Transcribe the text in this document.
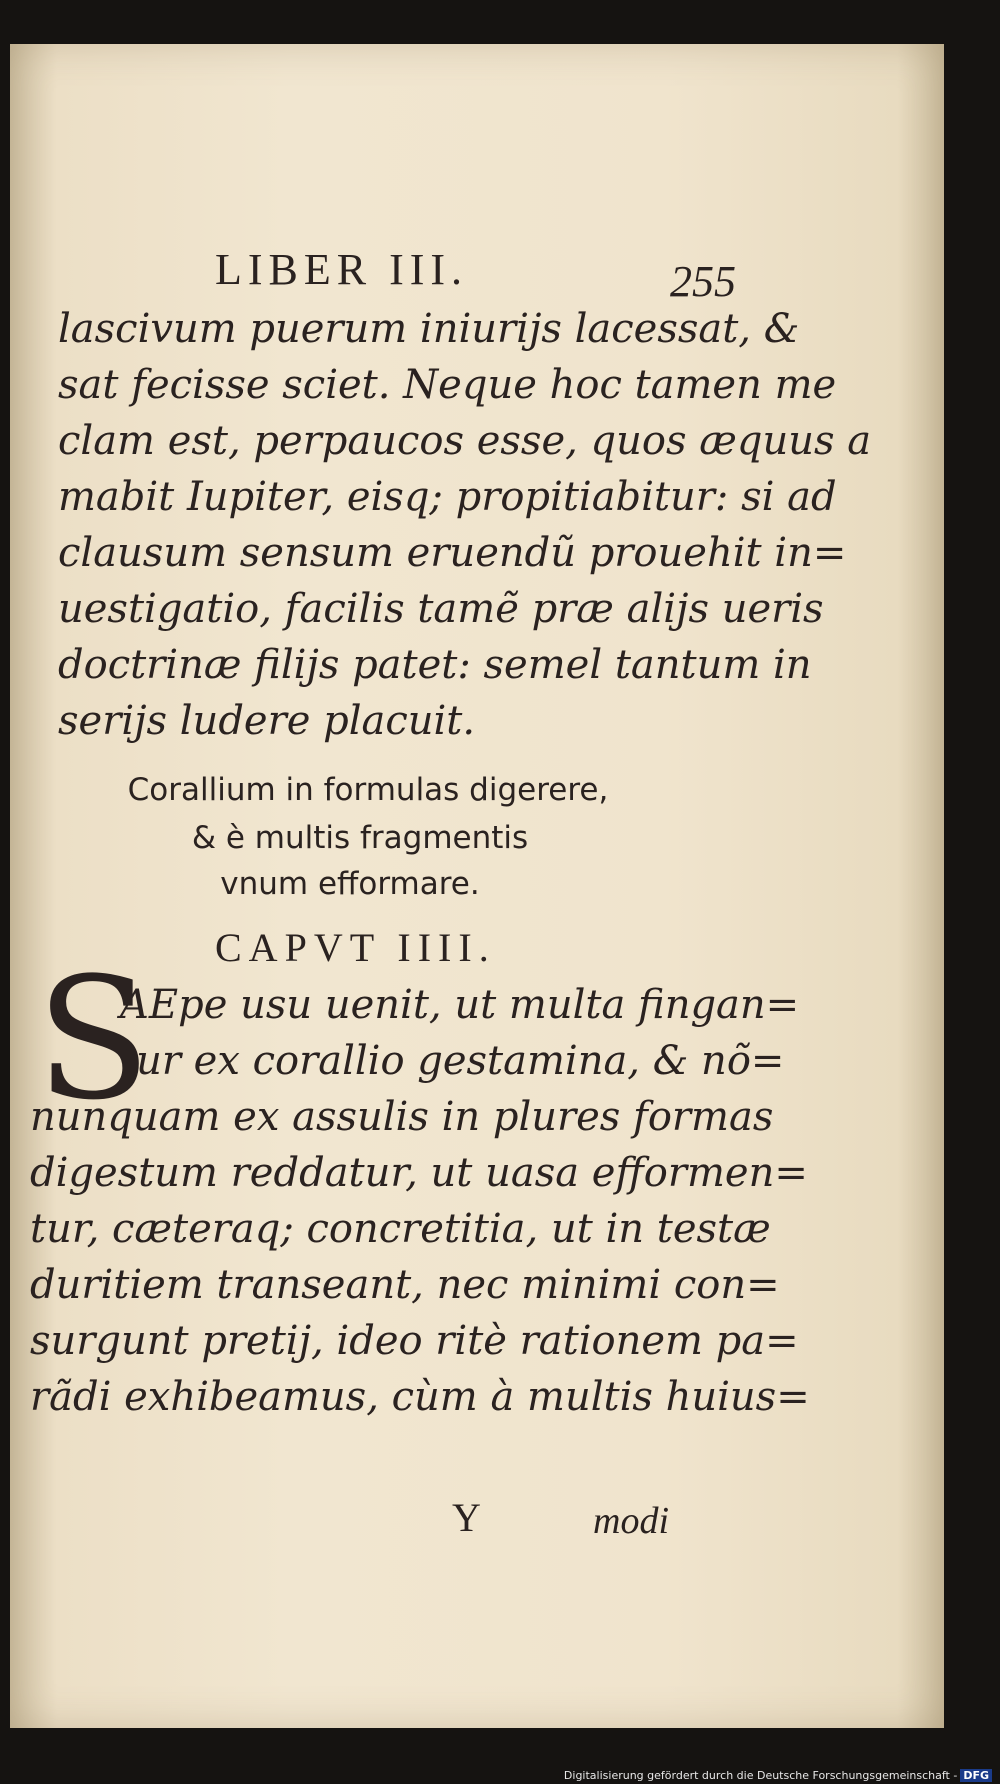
LIBER III.	255
lascivum puerum iniurijs lacessat, &
sat fecisse sciet. Neque hoc tamen me
clam est, perpaucos esse, quos æquus a
mabit Iupiter, eisq; propitiabitur: si ad
clausum sensum eruendũ prouehit in=
uestigatio, facilis tamẽ præ alijs ueris
doctrinæ filijs patet: semel tantum in
serijs ludere placuit.
Corallium in formulas digerere,
& è multis fragmentis
vnum efformare.
CAPVT IIII.
S
AEpe usu uenit, ut multa fingan=
tur ex corallio gestamina, & nõ=
nunquam ex assulis in plures formas
digestum reddatur, ut uasa efformen=
tur, cæteraq; concretitia, ut in testæ
duritiem transeant, nec minimi con=
surgunt pretij, ideo ritè rationem pa=
rãdi exhibeamus, cùm à multis huius=
Y	modi
Digitalisierung gefördert durch die Deutsche Forschungsgemeinschaft - DFG
